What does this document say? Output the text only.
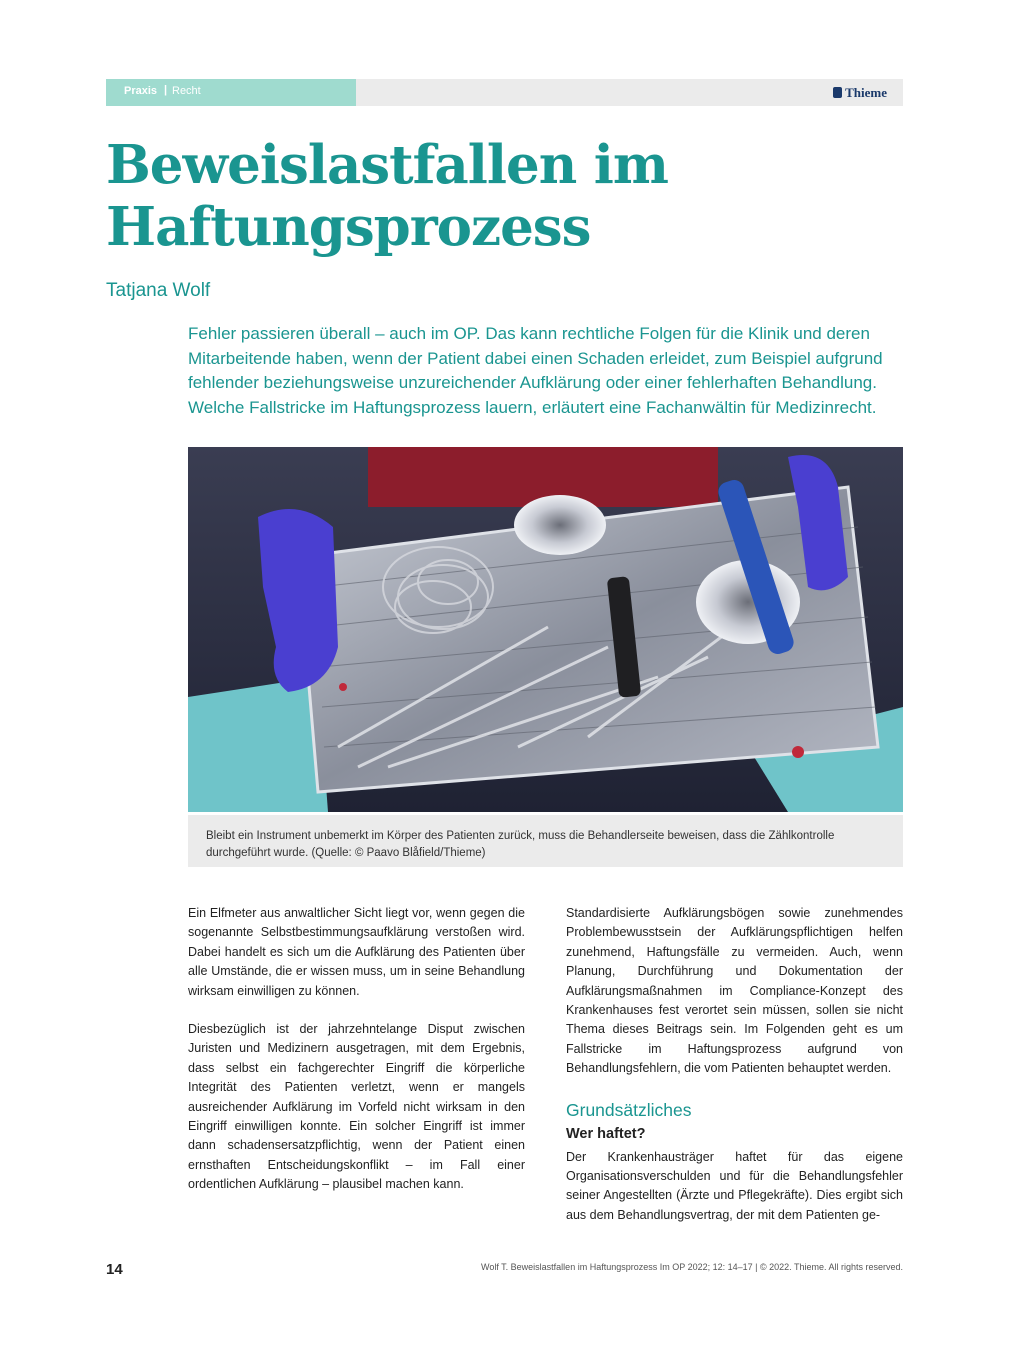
Praxis | Recht	Thieme
Beweislastfallen im Haftungsprozess
Tatjana Wolf

Fehler passieren überall – auch im OP. Das kann rechtliche Folgen für die Klinik und deren Mitarbeitende haben, wenn der Patient dabei einen Schaden erleidet, zum Beispiel aufgrund fehlender beziehungsweise unzureichender Aufklärung oder einer fehlerhaften Behandlung. Welche Fallstricke im Haftungsprozess lauern, erläutert eine Fachanwältin für Medizinrecht.

Bleibt ein Instrument unbemerkt im Körper des Patienten zurück, muss die Behandlerseite beweisen, dass die Zählkontrolle durchgeführt wurde. (Quelle: © Paavo Blåfield/Thieme)

Ein Elfmeter aus anwaltlicher Sicht liegt vor, wenn gegen die sogenannte Selbstbestimmungsaufklärung verstoßen wird. Dabei handelt es sich um die Aufklärung des Patienten über alle Umstände, die er wissen muss, um in seine Behandlung wirksam einwilligen zu können.

Diesbezüglich ist der jahrzehntelange Disput zwischen Juristen und Medizinern ausgetragen, mit dem Ergebnis, dass selbst ein fachgerechter Eingriff die körperliche Integrität des Patienten verletzt, wenn er mangels ausreichender Aufklärung im Vorfeld nicht wirksam in den Eingriff einwilligen konnte. Ein solcher Eingriff ist immer dann schadensersatzpflichtig, wenn der Patient einen ernsthaften Entscheidungskonflikt – im Fall einer ordentlichen Aufklärung – plausibel machen kann.

Standardisierte Aufklärungsbögen sowie zunehmendes Problembewusstsein der Aufklärungspflichtigen helfen zunehmend, Haftungsfälle zu vermeiden. Auch, wenn Planung, Durchführung und Dokumentation der Aufklärungsmaßnahmen im Compliance-Konzept des Krankenhauses fest verortet sein müssen, sollen sie nicht Thema dieses Beitrags sein. Im Folgenden geht es um Fallstricke im Haftungsprozess aufgrund von Behandlungsfehlern, die vom Patienten behauptet werden.

Grundsätzliches
Wer haftet?

Der Krankenhausträger haftet für das eigene Organisationsverschulden und für die Behandlungsfehler seiner Angestellten (Ärzte und Pflegekräfte). Dies ergibt sich aus dem Behandlungsvertrag, der mit dem Patienten ge-

14	Wolf T. Beweislastfallen im Haftungsprozess Im OP 2022; 12: 14–17 | © 2022. Thieme. All rights reserved.
